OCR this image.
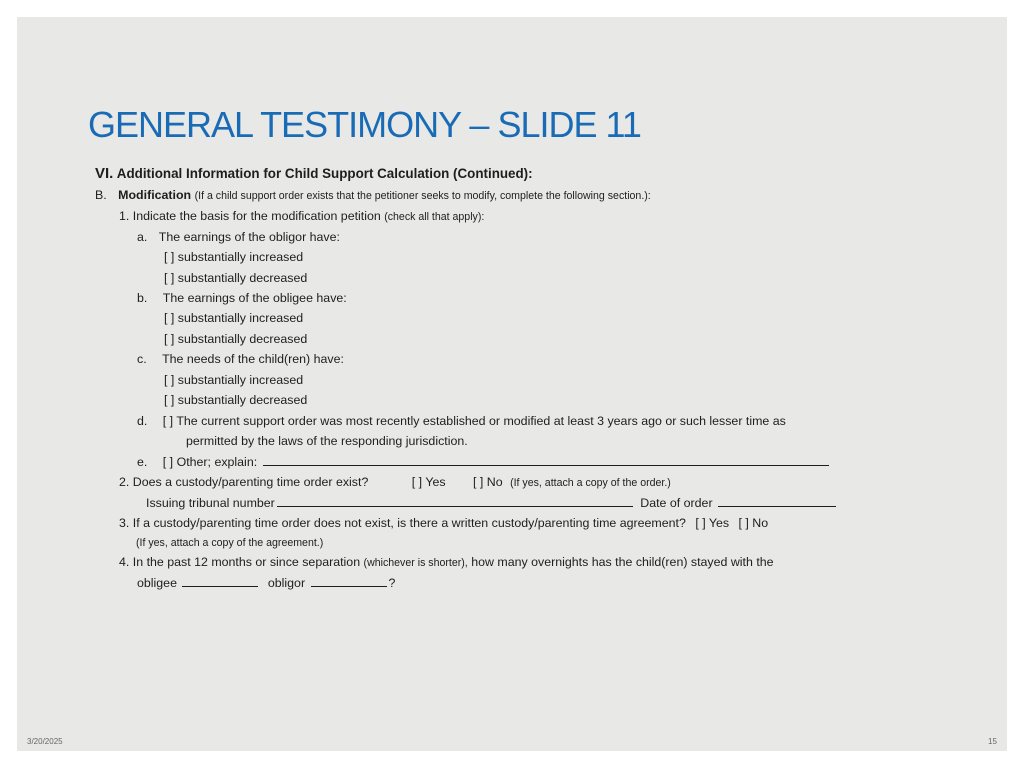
GENERAL TESTIMONY – SLIDE 11
VI. Additional Information for Child Support Calculation (Continued):
B. Modification (If a child support order exists that the petitioner seeks to modify, complete the following section.):
1. Indicate the basis for the modification petition (check all that apply):
a. The earnings of the obligor have:
[ ] substantially increased
[ ] substantially decreased
b. The earnings of the obligee have:
[ ] substantially increased
[ ] substantially decreased
c. The needs of the child(ren) have:
[ ] substantially increased
[ ] substantially decreased
d. [ ] The current support order was most recently established or modified at least 3 years ago or such lesser time as
permitted by the laws of the responding jurisdiction.
e. [ ] Other; explain:
2. Does a custody/parenting time order exist?	[ ] Yes [ ] No (If yes, attach a copy of the order.)
Issuing tribunal number	Date of order
3. If a custody/parenting time order does not exist, is there a written custody/parenting time agreement? [ ] Yes [ ] No
(If yes, attach a copy of the agreement.)
4. In the past 12 months or since separation (whichever is shorter), how many overnights has the child(ren) stayed with the
obligee	obligor	?
3/20/2025	15
